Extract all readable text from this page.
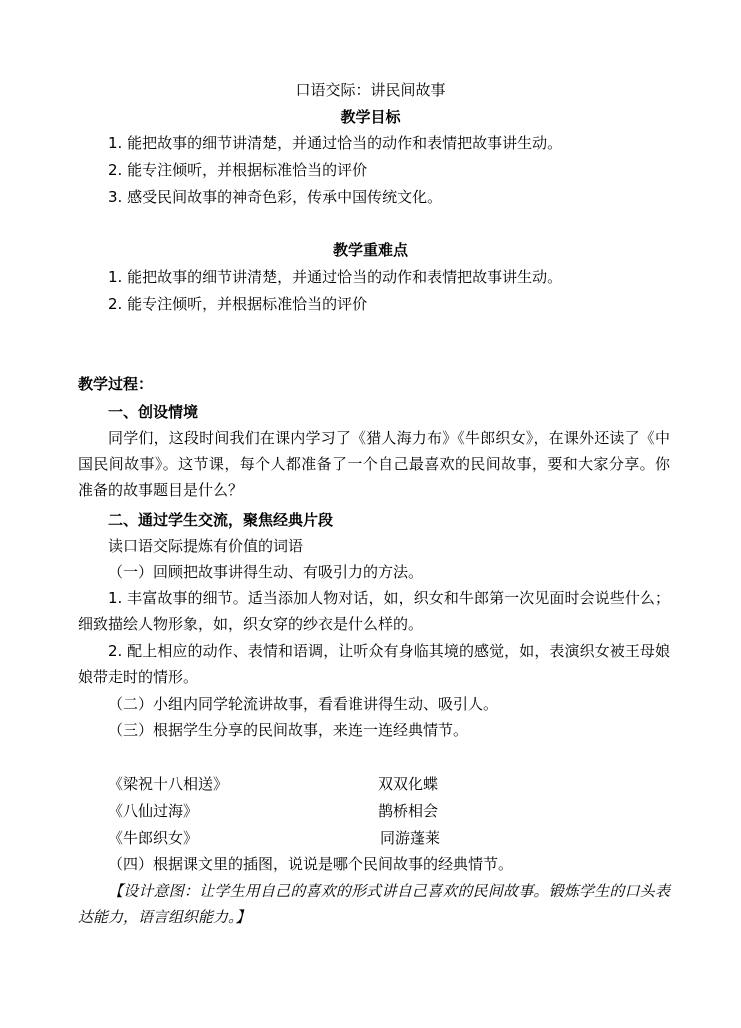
口语交际：讲民间故事
教学目标
1. 能把故事的细节讲清楚，并通过恰当的动作和表情把故事讲生动。
2. 能专注倾听，并根据标准恰当的评价
3. 感受民间故事的神奇色彩，传承中国传统文化。
教学重难点
1. 能把故事的细节讲清楚，并通过恰当的动作和表情把故事讲生动。
2. 能专注倾听，并根据标准恰当的评价
教学过程：
一、创设情境
同学们，这段时间我们在课内学习了《猎人海力布》《牛郎织女》，在课外还读了《中国民间故事》。这节课，每个人都准备了一个自己最喜欢的民间故事，要和大家分享。你准备的故事题目是什么？
二、通过学生交流，聚焦经典片段
读口语交际提炼有价值的词语
（一）回顾把故事讲得生动、有吸引力的方法。
1. 丰富故事的细节。适当添加人物对话，如，织女和牛郎第一次见面时会说些什么；细致描绘人物形象，如，织女穿的纱衣是什么样的。
2. 配上相应的动作、表情和语调，让听众有身临其境的感觉，如，表演织女被王母娘娘带走时的情形。
（二）小组内同学轮流讲故事，看看谁讲得生动、吸引人。
（三）根据学生分享的民间故事，来连一连经典情节。
《梁祝十八相送》
《八仙过海》
《牛郎织女》
双双化蝶
鹊桥相会
同游蓬莱
（四）根据课文里的插图，说说是哪个民间故事的经典情节。
【设计意图：让学生用自己的喜欢的形式讲自己喜欢的民间故事。锻炼学生的口头表达能力，语言组织能力。】
